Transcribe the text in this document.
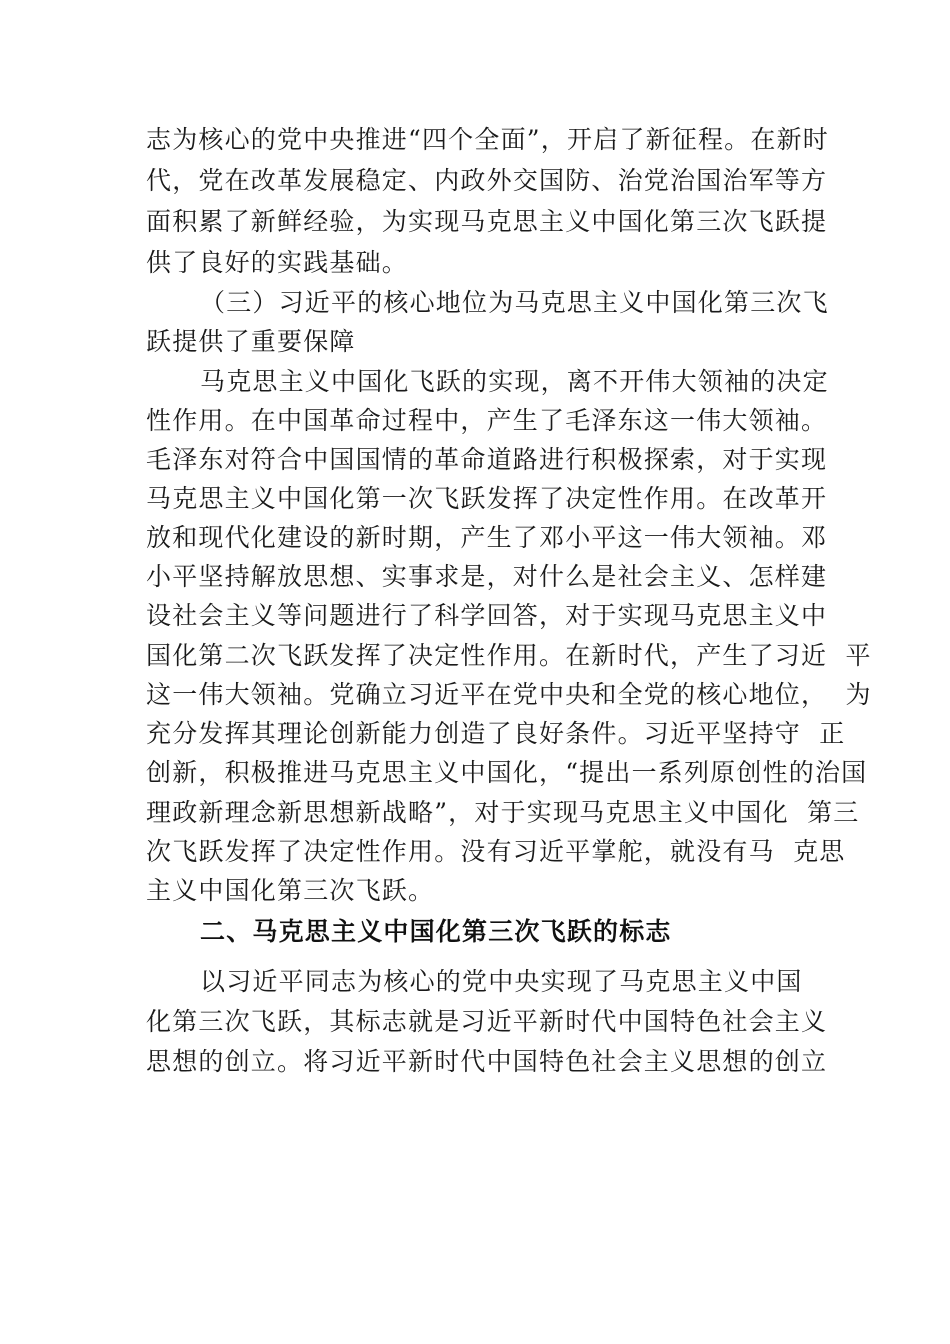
志为核心的党中央推进“四个全面”，开启了新征程。在新时
代，党在改革发展稳定、内政外交国防、治党治国治军等方
面积累了新鲜经验，为实现马克思主义中国化第三次飞跃提
供了良好的实践基础。
（三）习近平的核心地位为马克思主义中国化第三次飞
跃提供了重要保障
马克思主义中国化飞跃的实现，离不开伟大领袖的决定
性作用。在中国革命过程中，产生了毛泽东这一伟大领袖。
毛泽东对符合中国国情的革命道路进行积极探索，对于实现
马克思主义中国化第一次飞跃发挥了决定性作用。在改革开
放和现代化建设的新时期，产生了邓小平这一伟大领袖。邓
小平坚持解放思想、实事求是，对什么是社会主义、怎样建
设社会主义等问题进行了科学回答，对于实现马克思主义中
国化第二次飞跃发挥了决定性作用。在新时代，产生了习近  平
这一伟大领袖。党确立习近平在党中央和全党的核心地位，  为
充分发挥其理论创新能力创造了良好条件。习近平坚持守  正
创新，积极推进马克思主义中国化，“提出一系列原创性的治国
理政新理念新思想新战略”，对于实现马克思主义中国化  第三
次飞跃发挥了决定性作用。没有习近平掌舵，就没有马  克思
主义中国化第三次飞跃。
二、马克思主义中国化第三次飞跃的标志
以习近平同志为核心的党中央实现了马克思主义中国
化第三次飞跃，其标志就是习近平新时代中国特色社会主义
思想的创立。将习近平新时代中国特色社会主义思想的创立
